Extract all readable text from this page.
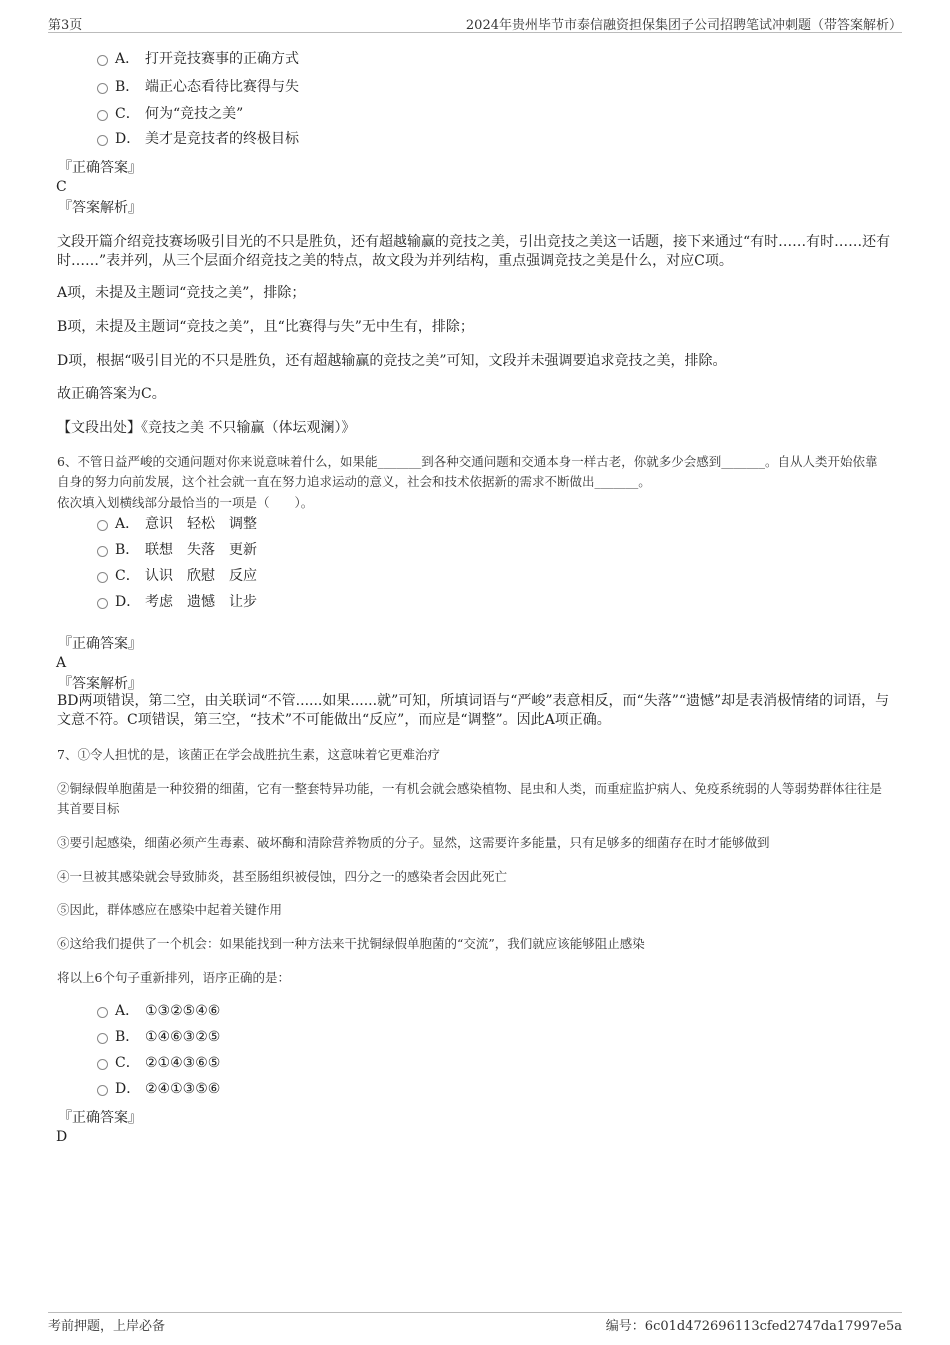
第3页	2024年贵州毕节市泰信融资担保集团子公司招聘笔试冲刺题（带答案解析）
A． 打开竞技赛事的正确方式
B． 端正心态看待比赛得与失
C． 何为“竞技之美”
D． 美才是竞技者的终极目标
『正确答案』
C
『答案解析』
文段开篇介绍竞技赛场吸引目光的不只是胜负，还有超越输赢的竞技之美，引出竞技之美这一话题，接下来通过“有时……有时……还有时……”表并列，从三个层面介绍竞技之美的特点，故文段为并列结构，重点强调竞技之美是什么，对应C项。
A项，未提及主题词“竞技之美”，排除；
B项，未提及主题词“竞技之美”，且“比赛得与失”无中生有，排除；
D项，根据“吸引目光的不只是胜负，还有超越输赢的竞技之美”可知，文段并未强调要追求竞技之美，排除。
故正确答案为C。
【文段出处】《竞技之美 不只输赢（体坛观澜）》
6、不管日益严峻的交通问题对你来说意味着什么，如果能_______到各种交通问题和交通本身一样古老，你就多少会感到_______。自从人类开始依靠自身的努力向前发展，这个社会就一直在努力追求运动的意义，社会和技术依据新的需求不断做出_______。
依次填入划横线部分最恰当的一项是（　　）。
A． 意识 轻松 调整
B． 联想 失落 更新
C． 认识 欣慰 反应
D． 考虑 遗憾 让步
『正确答案』
A
『答案解析』
BD两项错误，第二空，由关联词“不管......如果......就”可知，所填词语与“严峻”表意相反，而“失落”“遗憾”却是表消极情绪的词语，与文意不符。C项错误，第三空，“技术”不可能做出“反应”，而应是“调整”。因此A项正确。
7、①令人担忧的是，该菌正在学会战胜抗生素，这意味着它更难治疗
②铜绿假单胞菌是一种狡猾的细菌，它有一整套特异功能，一有机会就会感染植物、昆虫和人类，而重症监护病人、免疫系统弱的人等弱势群体往往是其首要目标
③要引起感染，细菌必须产生毒素、破坏酶和清除营养物质的分子。显然，这需要许多能量，只有足够多的细菌存在时才能够做到
④一旦被其感染就会导致肺炎，甚至肠组织被侵蚀，四分之一的感染者会因此死亡
⑤因此，群体感应在感染中起着关键作用
⑥这给我们提供了一个机会：如果能找到一种方法来干扰铜绿假单胞菌的“交流”，我们就应该能够阻止感染
将以上6个句子重新排列，语序正确的是：
A． ①③②⑤④⑥
B． ①④⑥③②⑤
C． ②①④③⑥⑤
D． ②④①③⑤⑥
『正确答案』
D
考前押题，上岸必备	编号：6c01d472696113cfed2747da17997e5a
